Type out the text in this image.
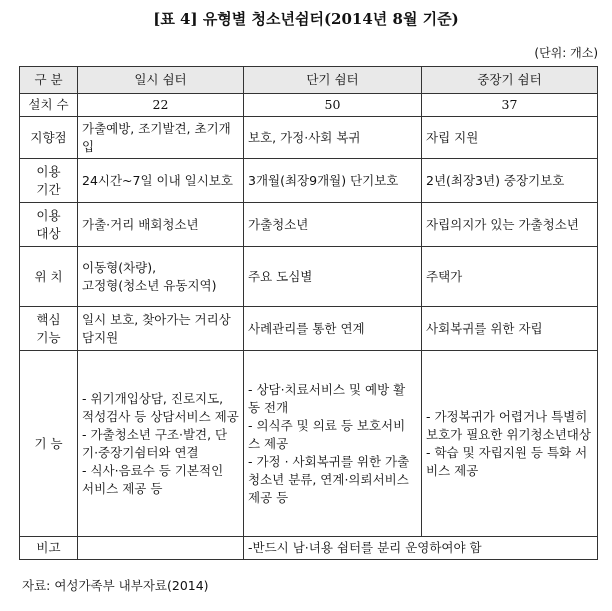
[표 4] 유형별 청소년쉼터(2014년 8월 기준)
(단위: 개소)
구 분	일시 쉼터	단기 쉼터	중장기 쉼터
설치 수	22	50	37
지향점	가출예방, 조기발견, 초기개입	보호, 가정·사회 복귀	자립 지원
이용
기간	24시간~7일 이내 일시보호	3개월(최장9개월) 단기보호	2년(최장3년) 중장기보호
이용
대상	가출·거리 배회청소년	가출청소년	자립의지가 있는 가출청소년
위 치	이동형(차량),
고정형(청소년 유동지역)	주요 도심별	주택가
핵심
기능	일시 보호, 찾아가는 거리상담지원	사례관리를 통한 연계	사회복귀를 위한 자립
기 능	- 위기개입상담, 진로지도,
적성검사 등 상담서비스 제공
- 가출청소년 구조·발견, 단기·중장기쉼터와 연결
- 식사·음료수 등 기본적인 서비스 제공 등	- 상담·치료서비스 및 예방 활동 전개
- 의식주 및 의료 등 보호서비스 제공
- 가정 · 사회복귀를 위한 가출청소년 분류, 연계·의뢰서비스 제공 등	- 가정복귀가 어렵거나 특별히 보호가 필요한 위기청소년대상
- 학습 및 자립지원 등 특화 서비스 제공
비고		-반드시 남·녀용 쉼터를 분리 운영하여야 함	
자료: 여성가족부 내부자료(2014)
